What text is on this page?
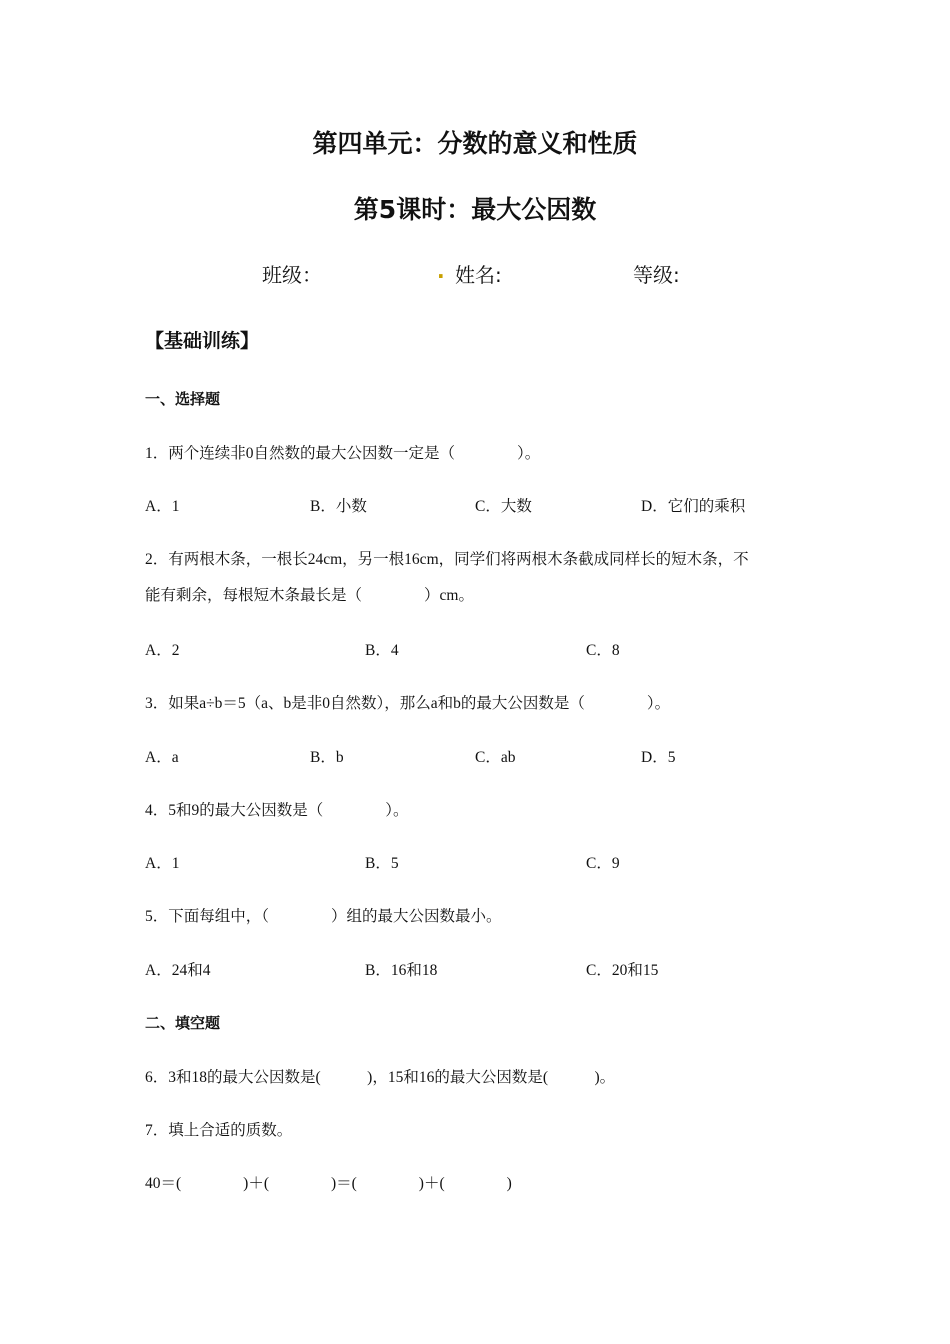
第四单元：分数的意义和性质
第5课时：最大公因数
班级：	. 姓名:	等级:
【基础训练】
一、选择题
1．两个连续非0自然数的最大公因数一定是（　　　　）。
A．1	B．小数	C．大数	D．它们的乘积
2．有两根木条，一根长24cm，另一根16cm，同学们将两根木条截成同样长的短木条，不
能有剩余，每根短木条最长是（　　　　）cm。
A．2	B．4	C．8
3．如果a÷b＝5（a、b是非0自然数），那么a和b的最大公因数是（　　　　）。
A．a	B．b	C．ab	D．5
4．5和9的最大公因数是（　　　　）。
A．1	B．5	C．9
5．下面每组中，（　　　　）组的最大公因数最小。
A．24和4	B．16和18	C．20和15
二、填空题
6．3和18的最大公因数是(　　　)，15和16的最大公因数是(　　　)。
7．填上合适的质数。
40＝(　　　　)＋(　　　　)＝(　　　　)＋(　　　　)
